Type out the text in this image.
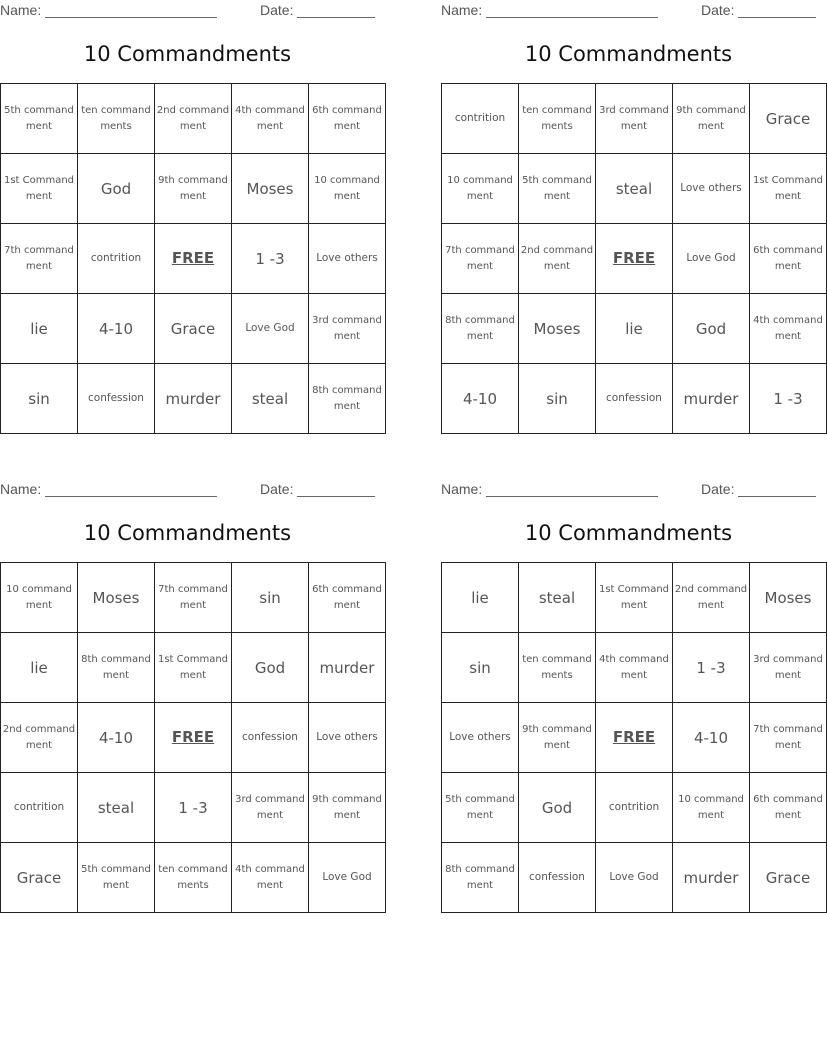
Name:	Date:
10 Commandments
5th commandment	ten commandments	2nd commandment	4th commandment	6th commandment
1st Commandment	God	9th commandment	Moses	10 commandment
7th commandment	contrition	FREE	1 -3	Love others
lie	4-10	Grace	Love God	3rd commandment
sin	confession	murder	steal	8th commandment
Name:	Date:
10 Commandments
contrition	ten commandments	3rd commandment	9th commandment	Grace
10 commandment	5th commandment	steal	Love others	1st Commandment
7th commandment	2nd commandment	FREE	Love God	6th commandment
8th commandment	Moses	lie	God	4th commandment
4-10	sin	confession	murder	1 -3
Name:	Date:
10 Commandments
10 commandment	Moses	7th commandment	sin	6th commandment
lie	8th commandment	1st Commandment	God	murder
2nd commandment	4-10	FREE	confession	Love others
contrition	steal	1 -3	3rd commandment	9th commandment
Grace	5th commandment	ten commandments	4th commandment	Love God
Name:	Date:
10 Commandments
lie	steal	1st Commandment	2nd commandment	Moses
sin	ten commandments	4th commandment	1 -3	3rd commandment
Love others	9th commandment	FREE	4-10	7th commandment
5th commandment	God	contrition	10 commandment	6th commandment
8th commandment	confession	Love God	murder	Grace
